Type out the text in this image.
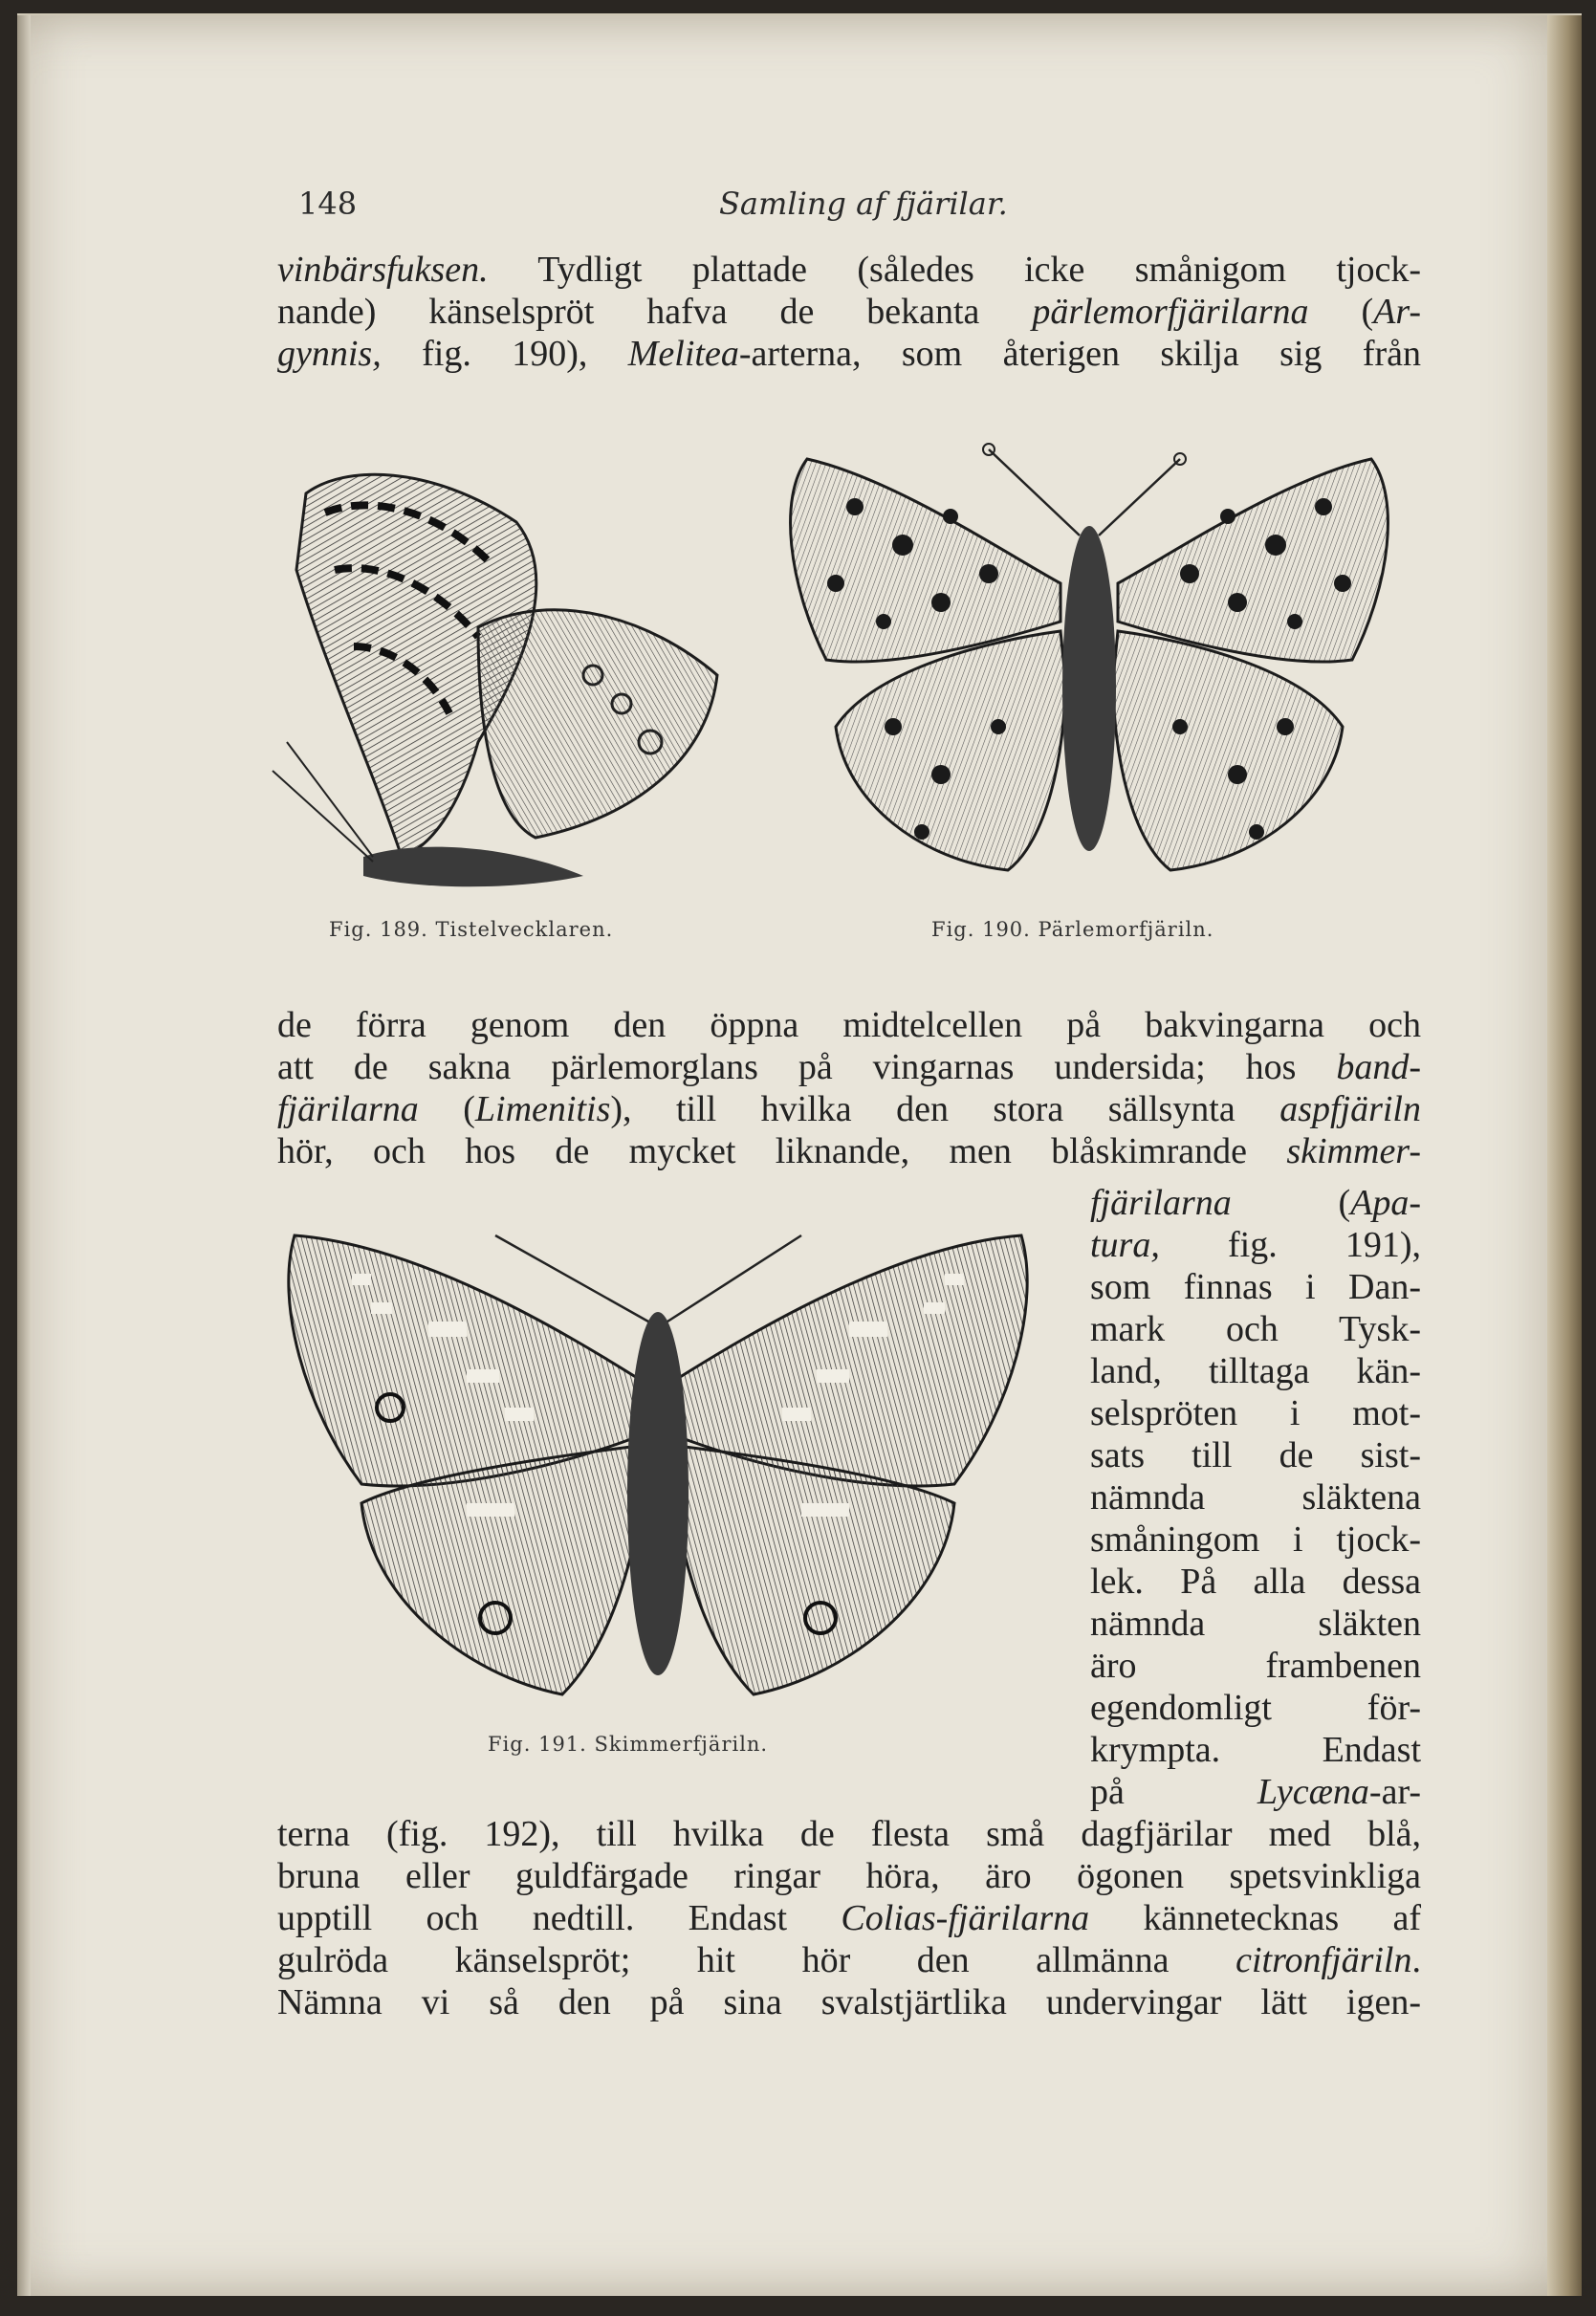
148	Samling af fjärilar.

vinbärsfuksen. Tydligt plattade (således icke smånigom tjock-

nande) känselspröt hafva de bekanta pärlemorfjärilarna (Ar-

gynnis, fig. 190), Melitea-arterna, som återigen skilja sig från

Fig. 189. Tistelvecklaren.	Fig. 190. Pärlemorfjäriln.

de förra genom den öppna midtelcellen på bakvingarna och

att de sakna pärlemorglans på vingarnas undersida; hos band-

fjärilarna (Limenitis), till hvilka den stora sällsynta aspfjäriln

hör, och hos de mycket liknande, men blåskimrande skimmer-

Fig. 191. Skimmerfjäriln.

fjärilarna (Apa-

tura, fig. 191),

som finnas i Dan-

mark och Tysk-

land, tilltaga kän-

selspröten i mot-

sats till de sist-

nämnda släktena

småningom i tjock-

lek. På alla dessa

nämnda släkten

äro frambenen

egendomligt för-

krympta. Endast

på Lycæna-ar-

terna (fig. 192), till hvilka de flesta små dagfjärilar med blå,

bruna eller guldfärgade ringar höra, äro ögonen spetsvinkliga

upptill och nedtill. Endast Colias-fjärilarna kännetecknas af

gulröda känselspröt; hit hör den allmänna citronfjäriln.

Nämna vi så den på sina svalstjärtlika undervingar lätt igen-
